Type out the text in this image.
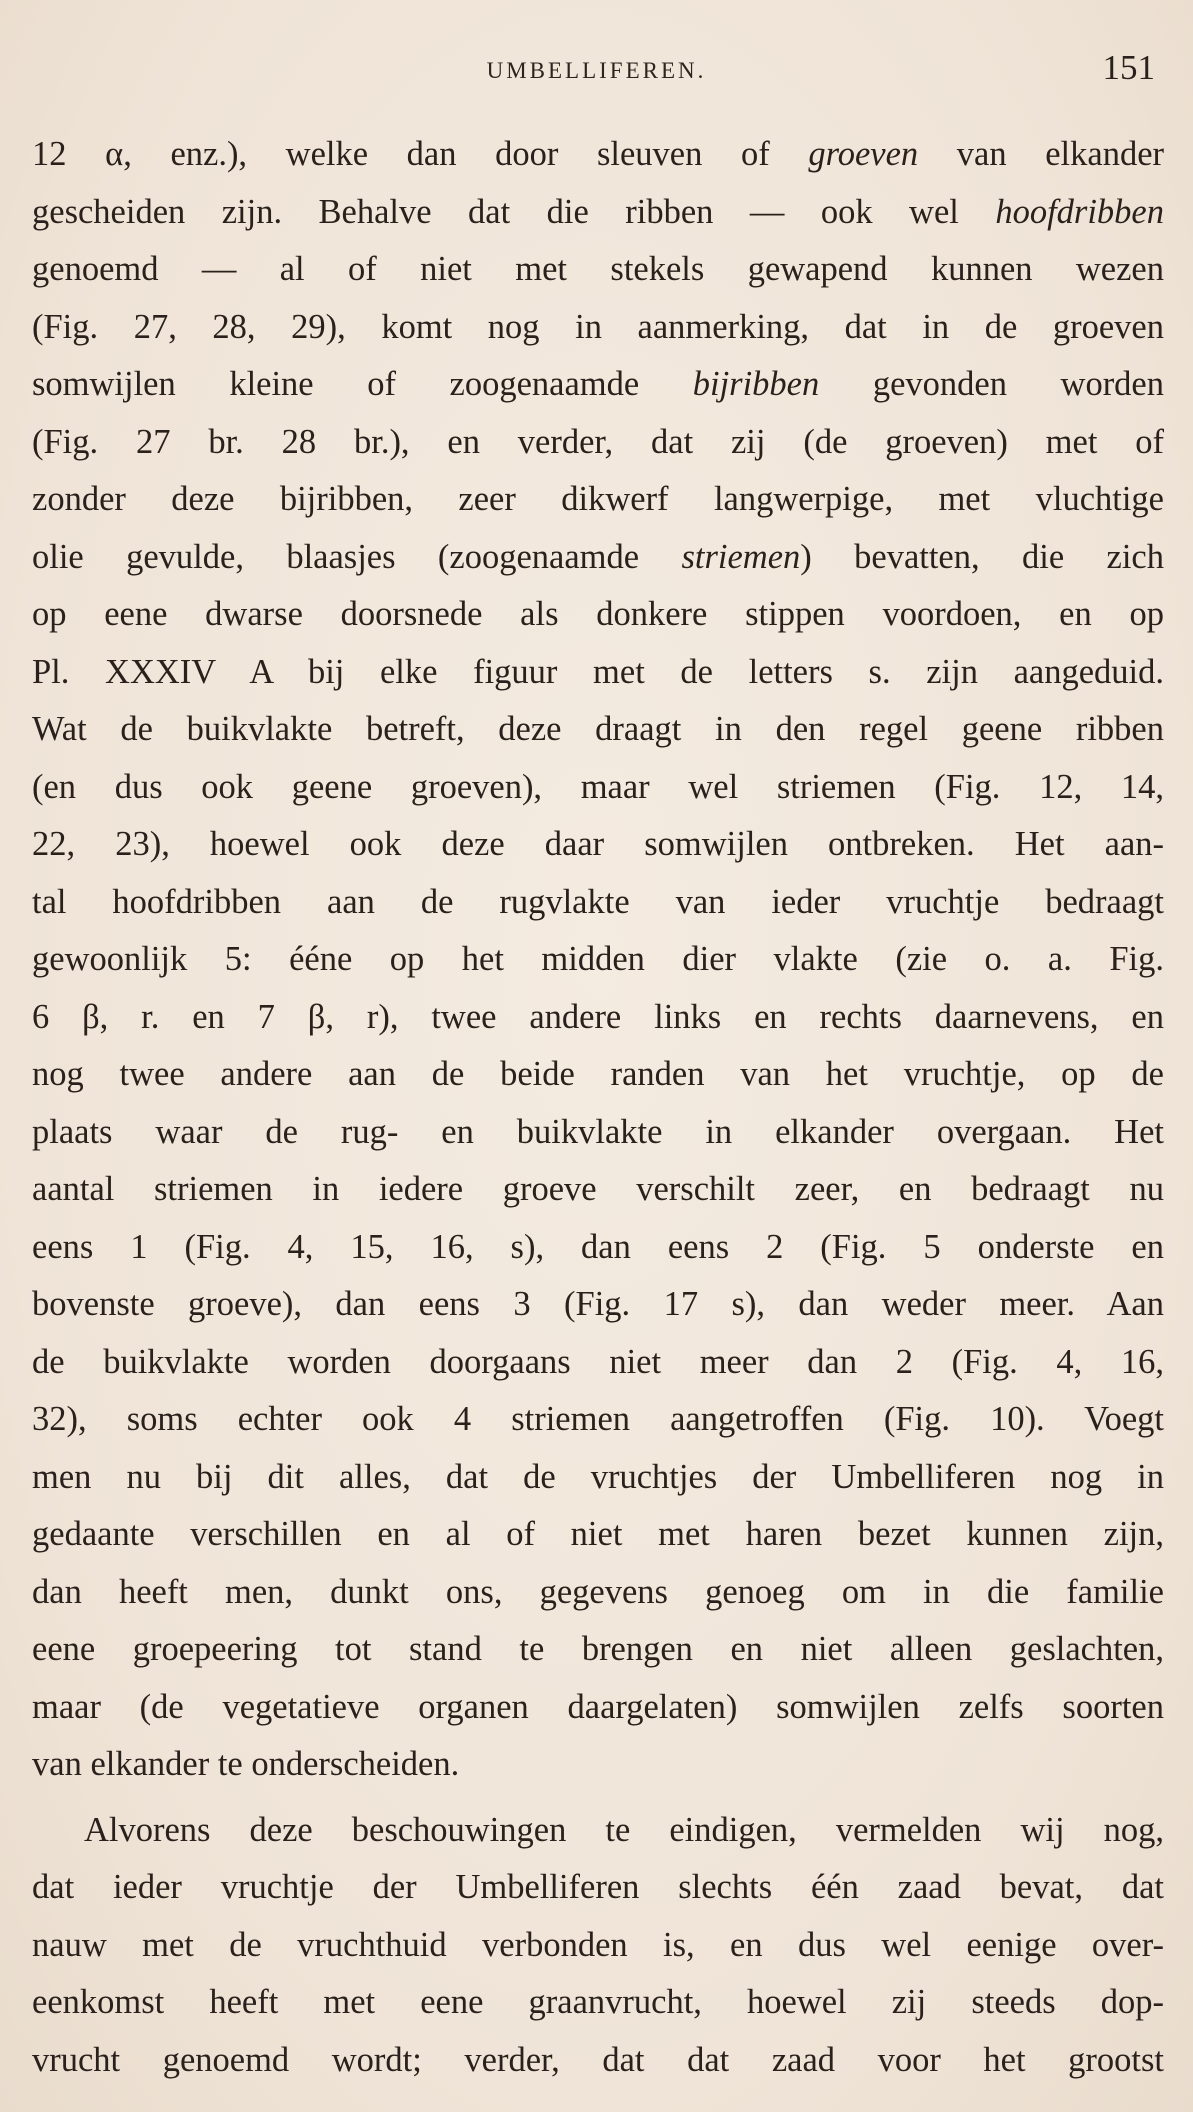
UMBELLIFEREN.	151
12 α, enz.), welke dan door sleuven of groeven van elkander
gescheiden zijn. Behalve dat die ribben — ook wel hoofdribben
genoemd — al of niet met stekels gewapend kunnen wezen
(Fig. 27, 28, 29), komt nog in aanmerking, dat in de groeven
somwijlen kleine of zoogenaamde bijribben gevonden worden
(Fig. 27 br. 28 br.), en verder, dat zij (de groeven) met of
zonder deze bijribben, zeer dikwerf langwerpige, met vluchtige
olie gevulde, blaasjes (zoogenaamde striemen) bevatten, die zich
op eene dwarse doorsnede als donkere stippen voordoen, en op
Pl. XXXIV A bij elke figuur met de letters s. zijn aangeduid.
Wat de buikvlakte betreft, deze draagt in den regel geene ribben
(en dus ook geene groeven), maar wel striemen (Fig. 12, 14,
22, 23), hoewel ook deze daar somwijlen ontbreken. Het aan-
tal hoofdribben aan de rugvlakte van ieder vruchtje bedraagt
gewoonlijk 5: ééne op het midden dier vlakte (zie o. a. Fig.
6 β, r. en 7 β, r), twee andere links en rechts daarnevens, en
nog twee andere aan de beide randen van het vruchtje, op de
plaats waar de rug- en buikvlakte in elkander overgaan. Het
aantal striemen in iedere groeve verschilt zeer, en bedraagt nu
eens 1 (Fig. 4, 15, 16, s), dan eens 2 (Fig. 5 onderste en
bovenste groeve), dan eens 3 (Fig. 17 s), dan weder meer. Aan
de buikvlakte worden doorgaans niet meer dan 2 (Fig. 4, 16,
32), soms echter ook 4 striemen aangetroffen (Fig. 10). Voegt
men nu bij dit alles, dat de vruchtjes der Umbelliferen nog in
gedaante verschillen en al of niet met haren bezet kunnen zijn,
dan heeft men, dunkt ons, gegevens genoeg om in die familie
eene groepeering tot stand te brengen en niet alleen geslachten,
maar (de vegetatieve organen daargelaten) somwijlen zelfs soorten
van elkander te onderscheiden.
Alvorens deze beschouwingen te eindigen, vermelden wij nog,
dat ieder vruchtje der Umbelliferen slechts één zaad bevat, dat
nauw met de vruchthuid verbonden is, en dus wel eenige over-
eenkomst heeft met eene graanvrucht, hoewel zij steeds dop-
vrucht genoemd wordt; verder, dat dat zaad voor het grootst
